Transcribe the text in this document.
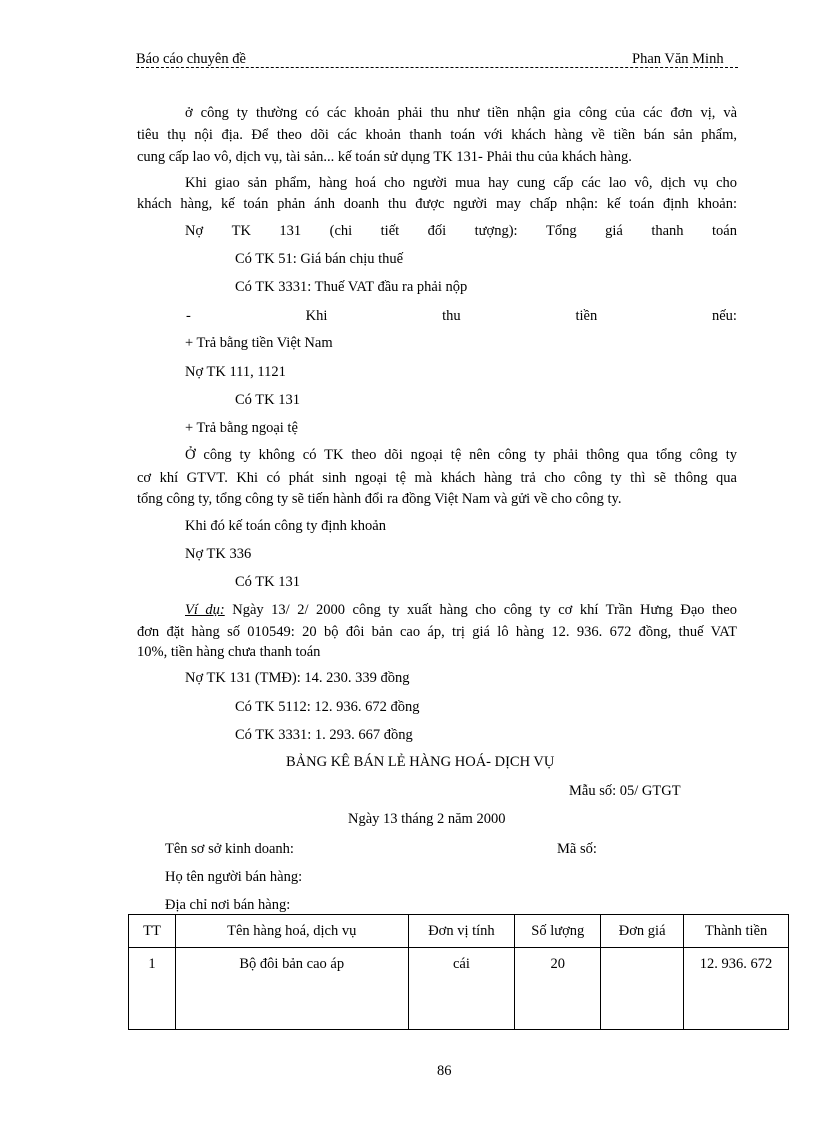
Báo cáo chuyên đề	Phan Văn Minh
ở công ty thường có các khoản phải thu như tiền nhận gia công của các đơn vị, và
tiêu thụ nội địa. Để theo dõi các khoản thanh toán với khách hàng về tiền bán sản phẩm,
cung cấp lao vô, dịch vụ, tài sản... kế toán sử dụng TK 131- Phải thu của khách hàng.
Khi giao sản phẩm, hàng hoá cho người mua hay cung cấp các lao vô, dịch vụ cho
khách hàng, kế toán phản ánh doanh thu được người may chấp nhận: kế toán định khoản:
Nợ TK 131 (chi tiết đối tượng): Tổng giá thanh toán
Có TK 51: Giá bán chịu thuế
Có TK 3331: Thuế VAT đầu ra phải nộp
-	Khi	thu	tiền	nếu:
+ Trả bằng tiền Việt Nam
Nợ TK 111, 1121
Có TK 131
+ Trả bằng ngoại tệ
Ở công ty không có TK theo dõi ngoại tệ nên công ty phải thông qua tổng công ty
cơ khí GTVT. Khi có phát sinh ngoại tệ mà khách hàng trả cho công ty thì sẽ thông qua
tổng công ty, tổng công ty sẽ tiến hành đổi ra đồng Việt Nam và gửi về cho công ty.
Khi đó kế toán công ty định khoản
Nợ TK 336
Có TK 131
Ví dụ: Ngày 13/ 2/ 2000 công ty xuất hàng cho công ty cơ khí Trần Hưng Đạo theo
đơn đặt hàng số 010549: 20 bộ đôi bản cao áp, trị giá lô hàng 12. 936. 672 đồng, thuế VAT
10%, tiền hàng chưa thanh toán
Nợ TK 131 (TMĐ): 14. 230. 339 đồng
Có TK 5112: 12. 936. 672 đồng
Có TK 3331: 1. 293. 667 đồng
BẢNG KÊ BÁN LẺ HÀNG HOÁ- DỊCH VỤ
Mẫu số: 05/ GTGT
Ngày 13 tháng 2 năm 2000
Tên sơ sở kinh doanh:	Mã số:
Họ tên người bán hàng:
Địa chỉ nơi bán hàng:
TT	Tên hàng hoá, dịch vụ	Đơn vị tính	Số lượng	Đơn giá	Thành tiền
1	Bộ đôi bản cao áp	cái	20		12. 936. 672
86
